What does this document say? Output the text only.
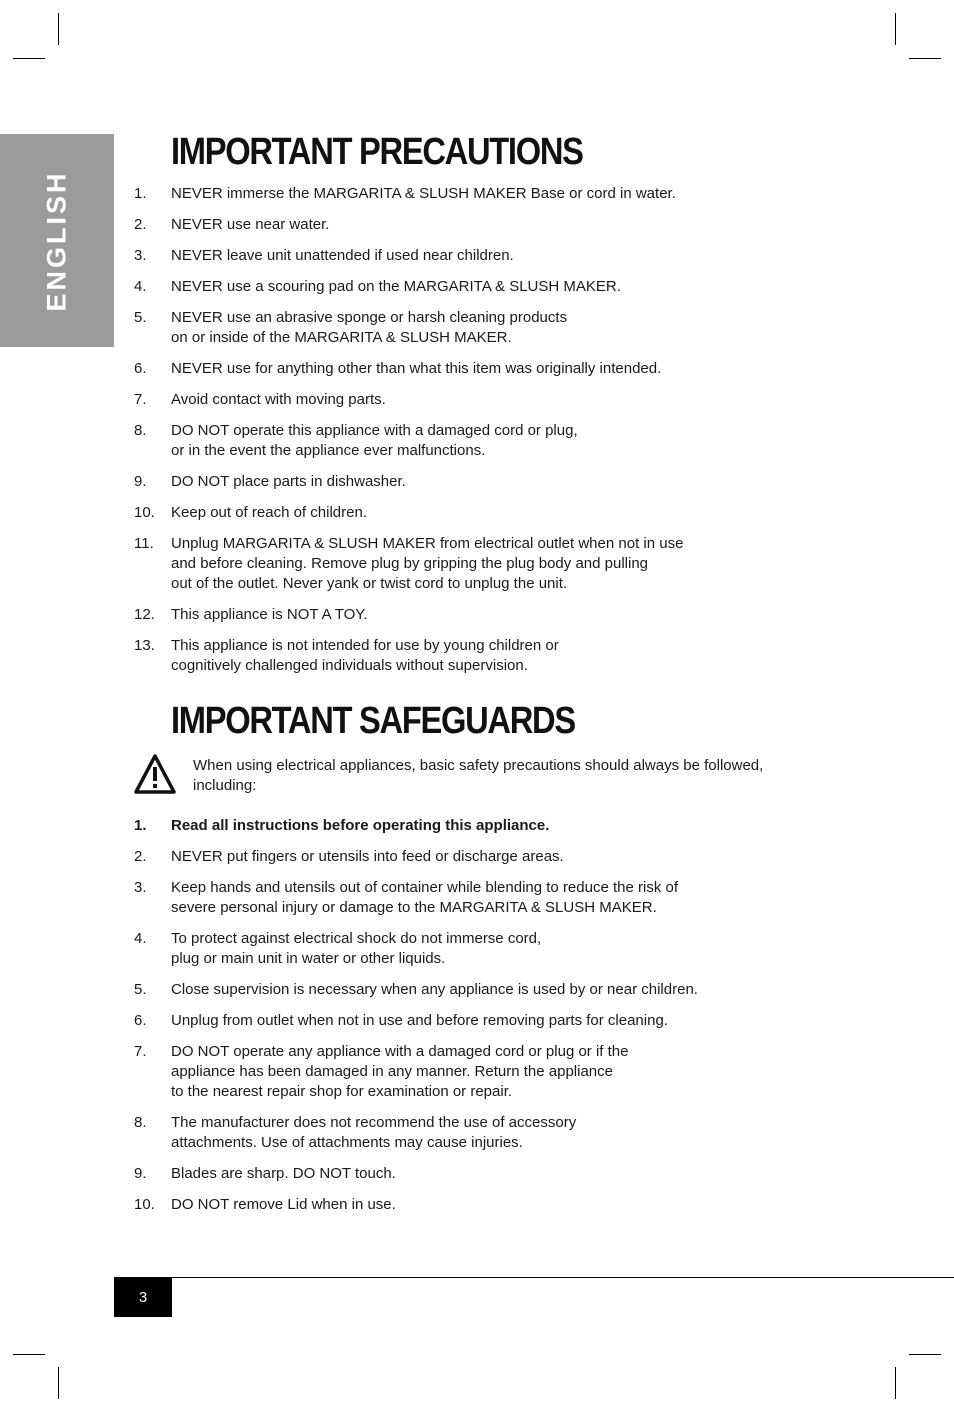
ENGLISH
IMPORTANT PRECAUTIONS
1. NEVER immerse the MARGARITA & SLUSH MAKER Base or cord in water.
2. NEVER use near water.
3. NEVER leave unit unattended if used near children.
4. NEVER use a scouring pad on the MARGARITA & SLUSH MAKER.
5. NEVER use an abrasive sponge or harsh cleaning products
on or inside of the MARGARITA & SLUSH MAKER.
6. NEVER use for anything other than what this item was originally intended.
7. Avoid contact with moving parts.
8. DO NOT operate this appliance with a damaged cord or plug,
or in the event the appliance ever malfunctions.
9. DO NOT place parts in dishwasher.
10. Keep out of reach of children.
11. Unplug MARGARITA & SLUSH MAKER from electrical outlet when not in use
and before cleaning. Remove plug by gripping the plug body and pulling
out of the outlet. Never yank or twist cord to unplug the unit.
12. This appliance is NOT A TOY.
13. This appliance is not intended for use by young children or
cognitively challenged individuals without supervision.
IMPORTANT SAFEGUARDS
When using electrical appliances, basic safety precautions should always be followed,
including:
1. Read all instructions before operating this appliance.
2. NEVER put fingers or utensils into feed or discharge areas.
3. Keep hands and utensils out of container while blending to reduce the risk of
severe personal injury or damage to the MARGARITA & SLUSH MAKER.
4. To protect against electrical shock do not immerse cord,
plug or main unit in water or other liquids.
5. Close supervision is necessary when any appliance is used by or near children.
6. Unplug from outlet when not in use and before removing parts for cleaning.
7. DO NOT operate any appliance with a damaged cord or plug or if the
appliance has been damaged in any manner. Return the appliance
to the nearest repair shop for examination or repair.
8. The manufacturer does not recommend the use of accessory
attachments. Use of attachments may cause injuries.
9. Blades are sharp. DO NOT touch.
10. DO NOT remove Lid when in use.
3
